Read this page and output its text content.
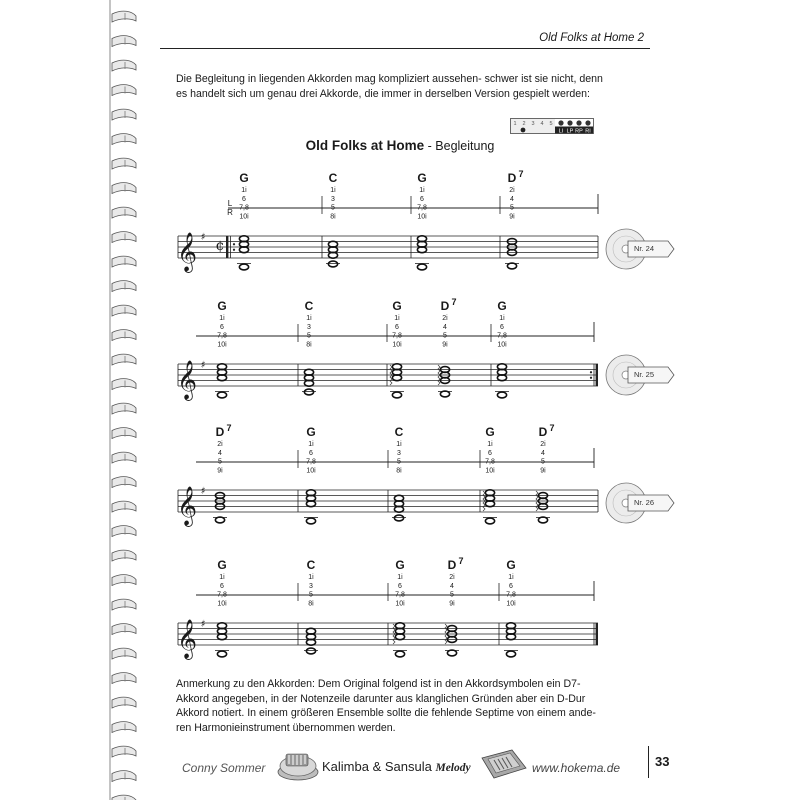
Old Folks at Home 2
Die Begleitung in liegenden Akkorden mag kompliziert aussehen- schwer ist sie nicht, denn
es handelt sich um genau drei Akkorde, die immer in derselben Version gespielt werden:
1 2 3 4 5
LI LP RP RI
Old Folks at Home - Begleitung
L
R
G
1i
6
7,8
10i
C
1i
3
5
8i
G
1i
6
7,8
10i
D 7
2i
4
5
9i
𝄞 ♯
¢
G
1i
6
7,8
10i
C
1i
3
5
8i
G
1i
6
7,8
10i
D 7
2i
4
5
9i
G
1i
6
7,8
10i
𝄞 ♯
D 7
2i
4
5
9i
G
1i
6
7,8
10i
C
1i
3
5
8i
G
1i
6
7,8
10i
D 7
2i
4
5
9i
𝄞 ♯
G
1i
6
7,8
10i
C
1i
3
5
8i
G
1i
6
7,8
10i
D 7
2i
4
5
9i
G
1i
6
7,8
10i
𝄞 ♯
Nr. 24
Nr. 25
Nr. 26
Anmerkung zu den Akkorden: Dem Original folgend ist in den Akkordsymbolen ein D7-
Akkord angegeben, in der Notenzeile darunter aus klanglichen Gründen aber ein D-Dur
Akkord notiert. In einem größeren Ensemble sollte die fehlende Septime von einem ande-
ren Harmonieinstrument übernommen werden.
Conny Sommer	Kalimba & Sansula Melody	www.hokema.de	33
